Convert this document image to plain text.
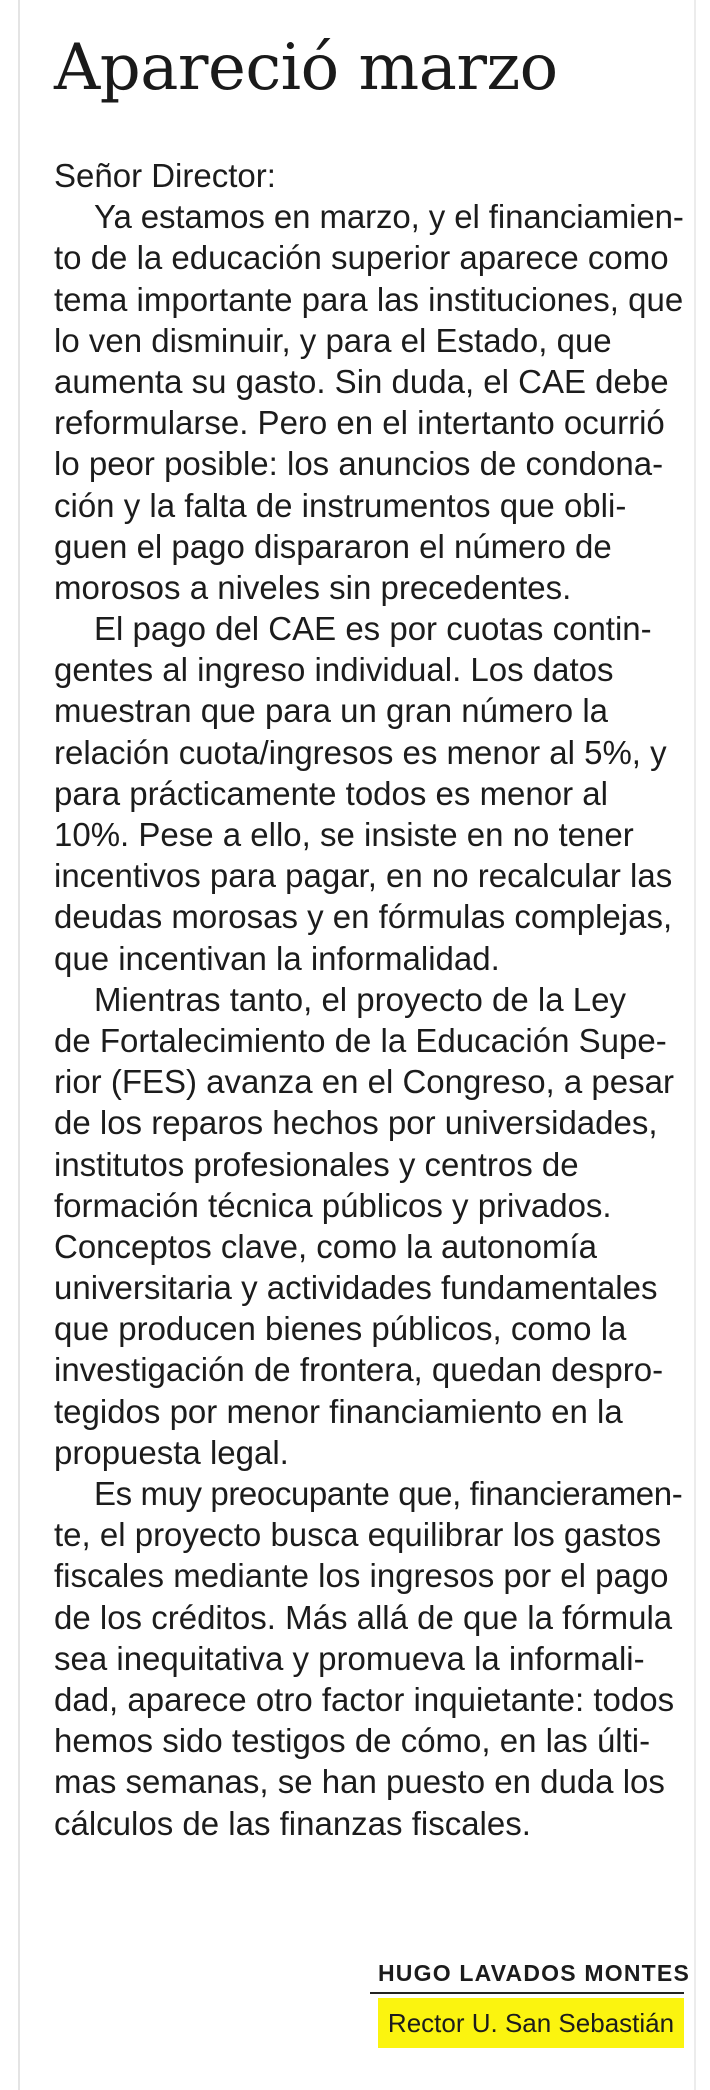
Apareció marzo
Señor Director:
Ya estamos en marzo, y el financiamien-
to de la educación superior aparece como
tema importante para las instituciones, que
lo ven disminuir, y para el Estado, que
aumenta su gasto. Sin duda, el CAE debe
reformularse. Pero en el intertanto ocurrió
lo peor posible: los anuncios de condona-
ción y la falta de instrumentos que obli-
guen el pago dispararon el número de
morosos a niveles sin precedentes.
El pago del CAE es por cuotas contin-
gentes al ingreso individual. Los datos
muestran que para un gran número la
relación cuota/ingresos es menor al 5%, y
para prácticamente todos es menor al
10%. Pese a ello, se insiste en no tener
incentivos para pagar, en no recalcular las
deudas morosas y en fórmulas complejas,
que incentivan la informalidad.
Mientras tanto, el proyecto de la Ley
de Fortalecimiento de la Educación Supe-
rior (FES) avanza en el Congreso, a pesar
de los reparos hechos por universidades,
institutos profesionales y centros de
formación técnica públicos y privados.
Conceptos clave, como la autonomía
universitaria y actividades fundamentales
que producen bienes públicos, como la
investigación de frontera, quedan despro-
tegidos por menor financiamiento en la
propuesta legal.
Es muy preocupante que, financieramen-
te, el proyecto busca equilibrar los gastos
fiscales mediante los ingresos por el pago
de los créditos. Más allá de que la fórmula
sea inequitativa y promueva la informali-
dad, aparece otro factor inquietante: todos
hemos sido testigos de cómo, en las últi-
mas semanas, se han puesto en duda los
cálculos de las finanzas fiscales.
HUGO LAVADOS MONTES
Rector U. San Sebastián
